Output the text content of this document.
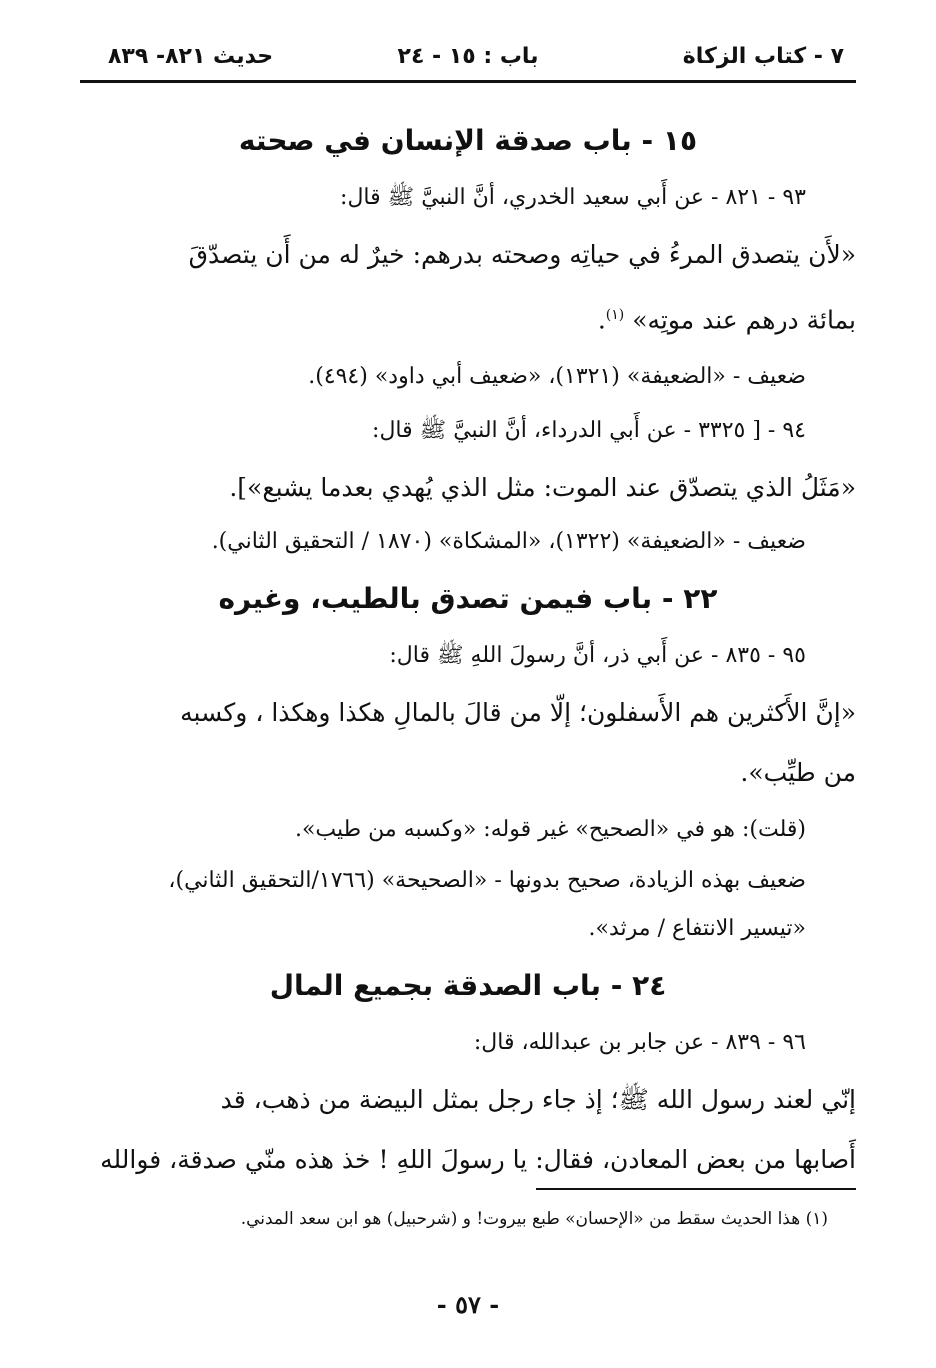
٧ - كتاب الزكاة
باب : ١٥ - ٢٤
حديث ٨٢١- ٨٣٩
١٥ - باب صدقة الإنسان في صحته

٩٣ - ٨٢١ - عن أَبي سعيد الخدري، أنَّ النبيَّ ﷺ قال:

«لأَن يتصدق المرءُ في حياتِه وصحته بدرهم: خيرٌ له من أَن يتصدّقَ

بمائة درهم عند موتِه» $^{(١)}$.

ضعيف - «الضعيفة» (١٣٢١)، «ضعيف أبي داود» (٤٩٤).

٩٤ - [ ٣٣٢٥ - عن أَبي الدرداء، أنَّ النبيَّ ﷺ قال:

«مَثَلُ الذي يتصدّق عند الموت: مثل الذي يُهدي بعدما يشبع»].

ضعيف - «الضعيفة» (١٣٢٢)، «المشكاة» (١٨٧٠ / التحقيق الثاني).

٢٢ - باب فيمن تصدق بالطيب، وغيره

٩٥ - ٨٣٥ - عن أَبي ذر، أنَّ رسولَ اللهِ ﷺ قال:

«إنَّ الأَكثرين هم الأَسفلون؛ إلّا من قالَ بالمالِ هكذا وهكذا ، وكسبه

من طيِّب».

(قلت): هو في «الصحيح» غير قوله: «وكسبه من طيب».

ضعيف بهذه الزيادة، صحيح بدونها - «الصحيحة» (١٧٦٦/التحقيق الثاني)،

«تيسير الانتفاع / مرثد».

٢٤ - باب الصدقة بجميع المال

٩٦ - ٨٣٩ - عن جابر بن عبدالله، قال:

إنّي لعند رسول الله ﷺ؛ إذ جاء رجل بمثل البيضة من ذهب، قد

أَصابها من بعض المعادن، فقال: يا رسولَ اللهِ ! خذ هذه منّي صدقة، فوالله

(١) هذا الحديث سقط من «الإحسان» طبع بيروت! و (شرحبيل) هو ابن سعد المدني.
- ٥٧ -
